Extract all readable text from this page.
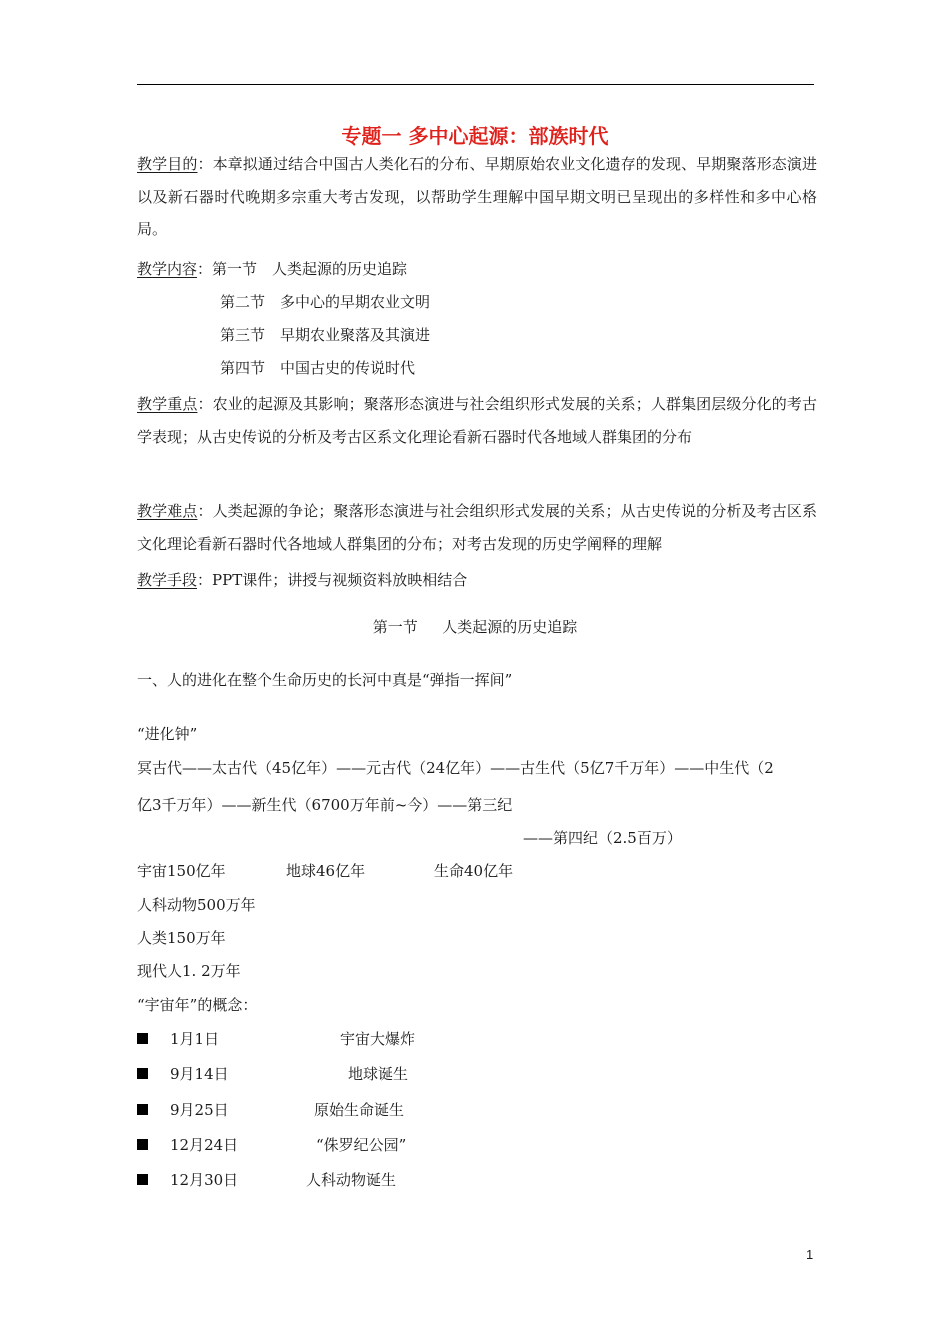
专题一 多中心起源：部族时代
教学目的：本章拟通过结合中国古人类化石的分布、早期原始农业文化遗存的发现、早期聚落形态演进以及新石器时代晚期多宗重大考古发现，以帮助学生理解中国早期文明已呈现出的多样性和多中心格局。
教学内容：第一节　人类起源的历史追踪
第二节　多中心的早期农业文明
第三节　早期农业聚落及其演进
第四节　中国古史的传说时代
教学重点：农业的起源及其影响；聚落形态演进与社会组织形式发展的关系；人群集团层级分化的考古学表现；从古史传说的分析及考古区系文化理论看新石器时代各地域人群集团的分布
教学难点：人类起源的争论；聚落形态演进与社会组织形式发展的关系；从古史传说的分析及考古区系文化理论看新石器时代各地域人群集团的分布；对考古发现的历史学阐释的理解
教学手段：PPT课件；讲授与视频资料放映相结合
第一节　  人类起源的历史追踪
一、人的进化在整个生命历史的长河中真是“弹指一挥间”
“进化钟”
冥古代——太古代（45亿年）——元古代（24亿年）——古生代（5亿7千万年）——中生代（2
亿3千万年）——新生代（6700万年前~今）——第三纪
——第四纪（2.5百万）
宇宙150亿年	地球46亿年	生命40亿年
人科动物500万年
人类150万年
现代人1. 2万年
“宇宙年”的概念：
1月1日	宇宙大爆炸
9月14日	地球诞生
9月25日	原始生命诞生
12月24日	“侏罗纪公园”
12月30日	人科动物诞生
1
